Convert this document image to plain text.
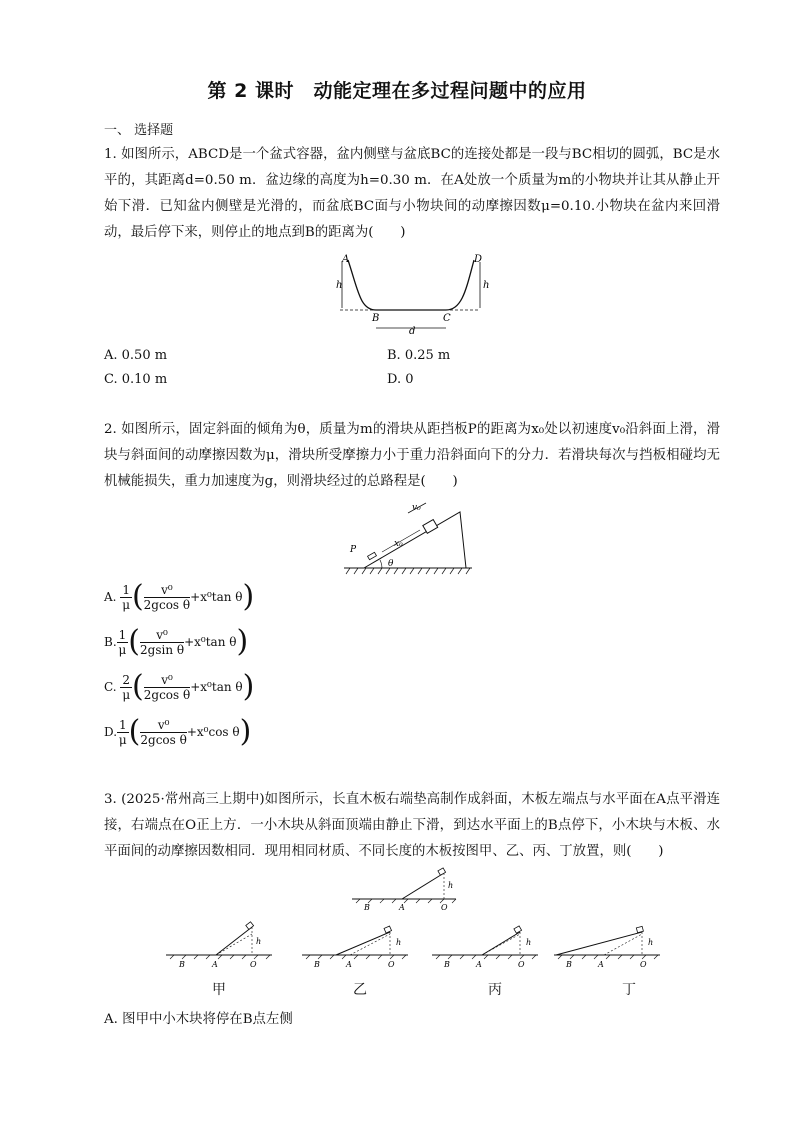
第 2 课时　动能定理在多过程问题中的应用
一、 选择题
1. 如图所示，ABCD是一个盆式容器，盆内侧壁与盆底BC的连接处都是一段与BC相切的圆弧，BC是水平的，其距离d=0.50 m．盆边缘的高度为h=0.30 m．在A处放一个质量为m的小物块并让其从静止开始下滑．已知盆内侧壁是光滑的，而盆底BC面与小物块间的动摩擦因数μ=0.10.小物块在盆内来回滑动，最后停下来，则停止的地点到B的距离为(　　)
A	D
h	h
B	C
d
A. 0.50 m	B. 0.25 m
C. 0.10 m	D. 0
2. 如图所示，固定斜面的倾角为θ，质量为m的滑块从距挡板P的距离为x₀处以初速度v₀沿斜面上滑，滑块与斜面间的动摩擦因数为μ，滑块所受摩擦力小于重力沿斜面向下的分力．若滑块每次与挡板相碰均无机械能损失，重力加速度为g，则滑块经过的总路程是(　　)
v₀
x₀
P
θ
A.
$\frac{1}{\mu}$ ( $\frac{\text{v⁰}}{\text{2gcos θ}} +x^0\tan$ θ )
B. $\frac{1}{\mu}$ ( $\frac{\text{v⁰}}{\text{2gsin θ}} +x^0\tan$ θ )
C.
$\frac{2}{\mu}$ ( $\frac{\text{v⁰}}{\text{2gcos θ}} +x^0\tan$ θ )
D. $\frac{1}{\mu}$ ( $\frac{\text{v⁰}}{\text{2gcos θ}} +x^0\cos$ θ )
3. (2025·常州高三上期中)如图所示，长直木板右端垫高制作成斜面，木板左端点与水平面在A点平滑连接，右端点在O正上方．一小木块从斜面顶端由静止下滑，到达水平面上的B点停下，小木块与木板、水平面间的动摩擦因数相同．现用相同材质、不同长度的木板按图甲、乙、丙、丁放置，则(　　)
B	A	O
h
B	A	O
h
B	A	O
h
B	A	O
h
B	A	O
h
甲	乙	丙	丁
A. 图甲中小木块将停在B点左侧
